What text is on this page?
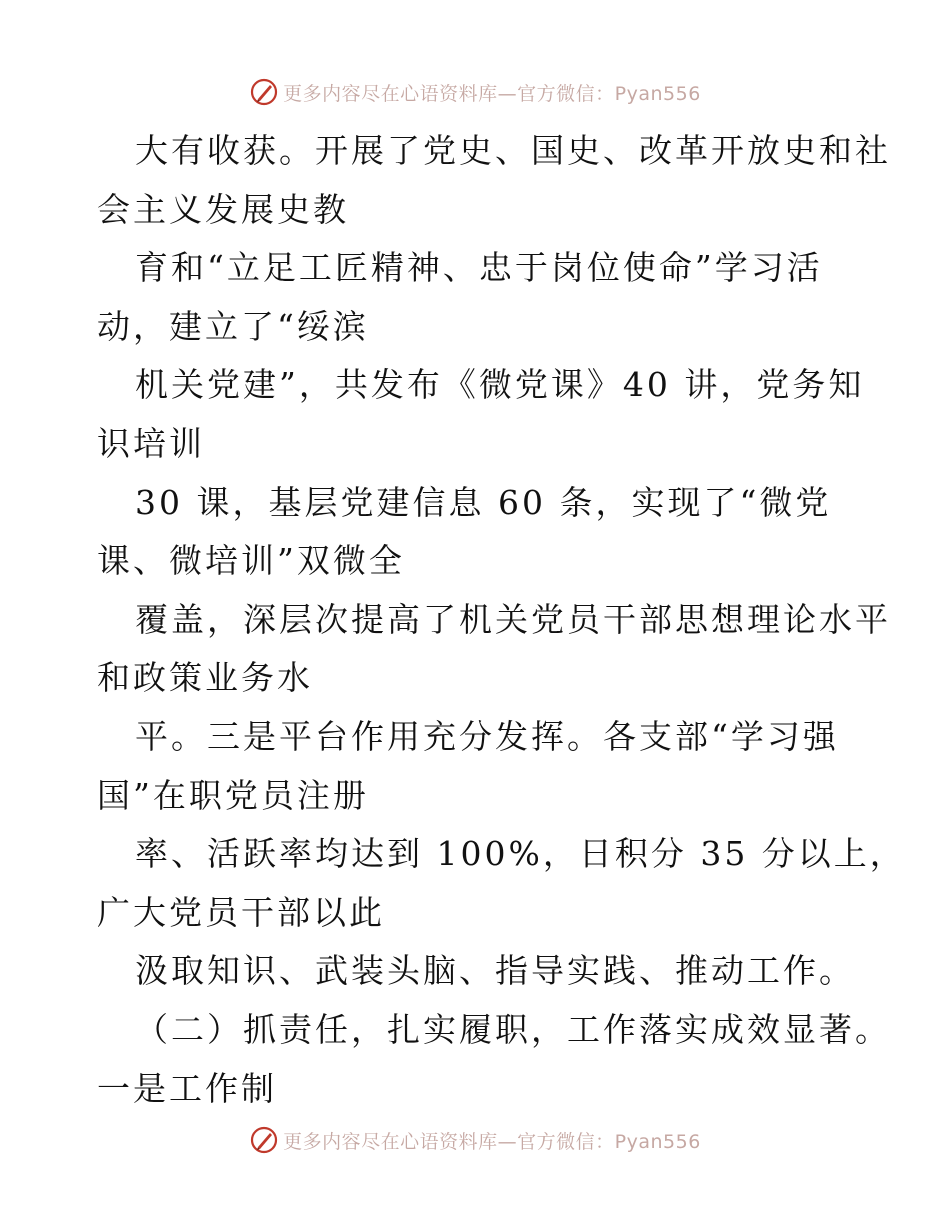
更多内容尽在心语资料库—官方微信：Pyan556
大有收获。开展了党史、国史、改革开放史和社
会主义发展史教
育和“立足工匠精神、忠于岗位使命”学习活
动，建立了“绥滨
机关党建”，共发布《微党课》40 讲，党务知
识培训
30 课，基层党建信息 60 条，实现了“微党
课、微培训”双微全
覆盖，深层次提高了机关党员干部思想理论水平
和政策业务水
平。三是平台作用充分发挥。各支部“学习强
国”在职党员注册
率、活跃率均达到 100%，日积分 35 分以上，
广大党员干部以此
汲取知识、武装头脑、指导实践、推动工作。
（二）抓责任，扎实履职，工作落实成效显著。
一是工作制
更多内容尽在心语资料库—官方微信：Pyan556
